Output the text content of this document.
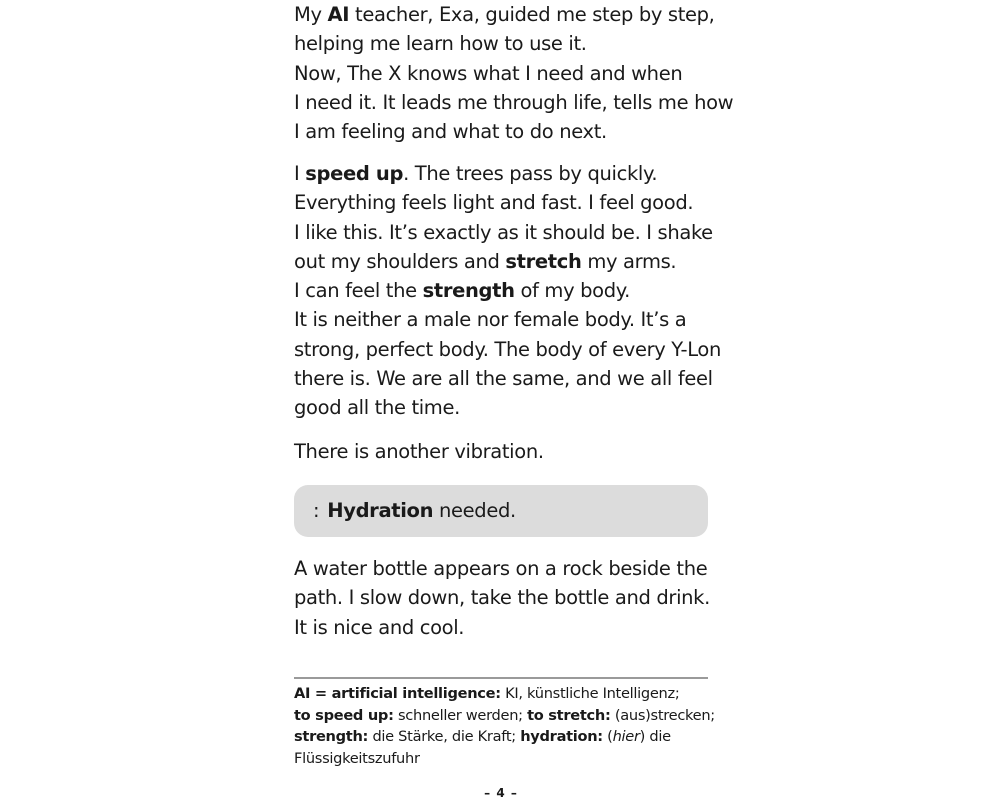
My AI teacher, Exa, guided me step by step,
helping me learn how to use it.
Now, The X knows what I need and when
I need it. It leads me through life, tells me how
I am feeling and what to do next.

I speed up. The trees pass by quickly.
Everything feels light and fast. I feel good.
I like this. It’s exactly as it should be. I shake
out my shoulders and stretch my arms.
I can feel the strength of my body.
It is neither a male nor female body. It’s a
strong, perfect body. The body of every Y-Lon
there is. We are all the same, and we all feel
good all the time.

There is another vibration.

: Hydration needed.

A water bottle appears on a rock beside the
path. I slow down, take the bottle and drink.
It is nice and cool.

AI = artificial intelligence: KI, künstliche Intelligenz;
to speed up: schneller werden; to stretch: (aus)strecken;
strength: die Stärke, die Kraft; hydration: (hier) die
Flüssigkeitszufuhr
– 4 –
